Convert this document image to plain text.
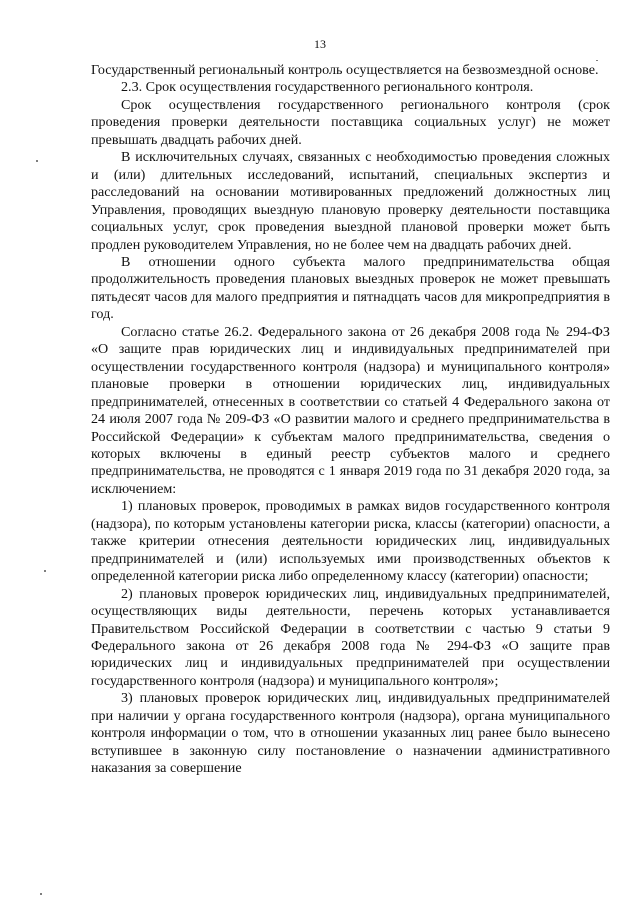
13

Государственный региональный контроль осуществляется на безвозмездной основе.

2.3. Срок осуществления государственного регионального контроля.

Срок осуществления государственного регионального контроля (срок проведения проверки деятельности поставщика социальных услуг) не может превышать двадцать рабочих дней.

В исключительных случаях, связанных с необходимостью проведения сложных и (или) длительных исследований, испытаний, специальных экспертиз и расследований на основании мотивированных предложений должностных лиц Управления, проводящих выездную плановую проверку деятельности поставщика социальных услуг, срок проведения выездной плановой проверки может быть продлен руководителем Управления, но не более чем на двадцать рабочих дней.

В отношении одного субъекта малого предпринимательства общая продолжительность проведения плановых выездных проверок не может превышать пятьдесят часов для малого предприятия и пятнадцать часов для микропредприятия в год.

Согласно статье 26.2. Федерального закона от 26 декабря 2008 года № 294-ФЗ «О защите прав юридических лиц и индивидуальных предпринимателей при осуществлении государственного контроля (надзора) и муниципального контроля» плановые проверки в отношении юридических лиц, индивидуальных предпринимателей, отнесенных в соответствии со статьей 4 Федерального закона от 24 июля 2007 года № 209-ФЗ «О развитии малого и среднего предпринимательства в Российской Федерации» к субъектам малого предпринимательства, сведения о которых включены в единый реестр субъектов малого и среднего предпринимательства, не проводятся с 1 января 2019 года по 31 декабря 2020 года, за исключением:

1) плановых проверок, проводимых в рамках видов государственного контроля (надзора), по которым установлены категории риска, классы (категории) опасности, а также критерии отнесения деятельности юридических лиц, индивидуальных предпринимателей и (или) используемых ими производственных объектов к определенной категории риска либо определенному классу (категории) опасности;

2) плановых проверок юридических лиц, индивидуальных предпринимателей, осуществляющих виды деятельности, перечень которых устанавливается Правительством Российской Федерации в соответствии с частью 9 статьи 9 Федерального закона от 26 декабря 2008 года № 294-ФЗ «О защите прав юридических лиц и индивидуальных предпринимателей при осуществлении государственного контроля (надзора) и муниципального контроля»;

3) плановых проверок юридических лиц, индивидуальных предпринимателей при наличии у органа государственного контроля (надзора), органа муниципального контроля информации о том, что в отношении указанных лиц ранее было вынесено вступившее в законную силу постановление о назначении административного наказания за совершение
